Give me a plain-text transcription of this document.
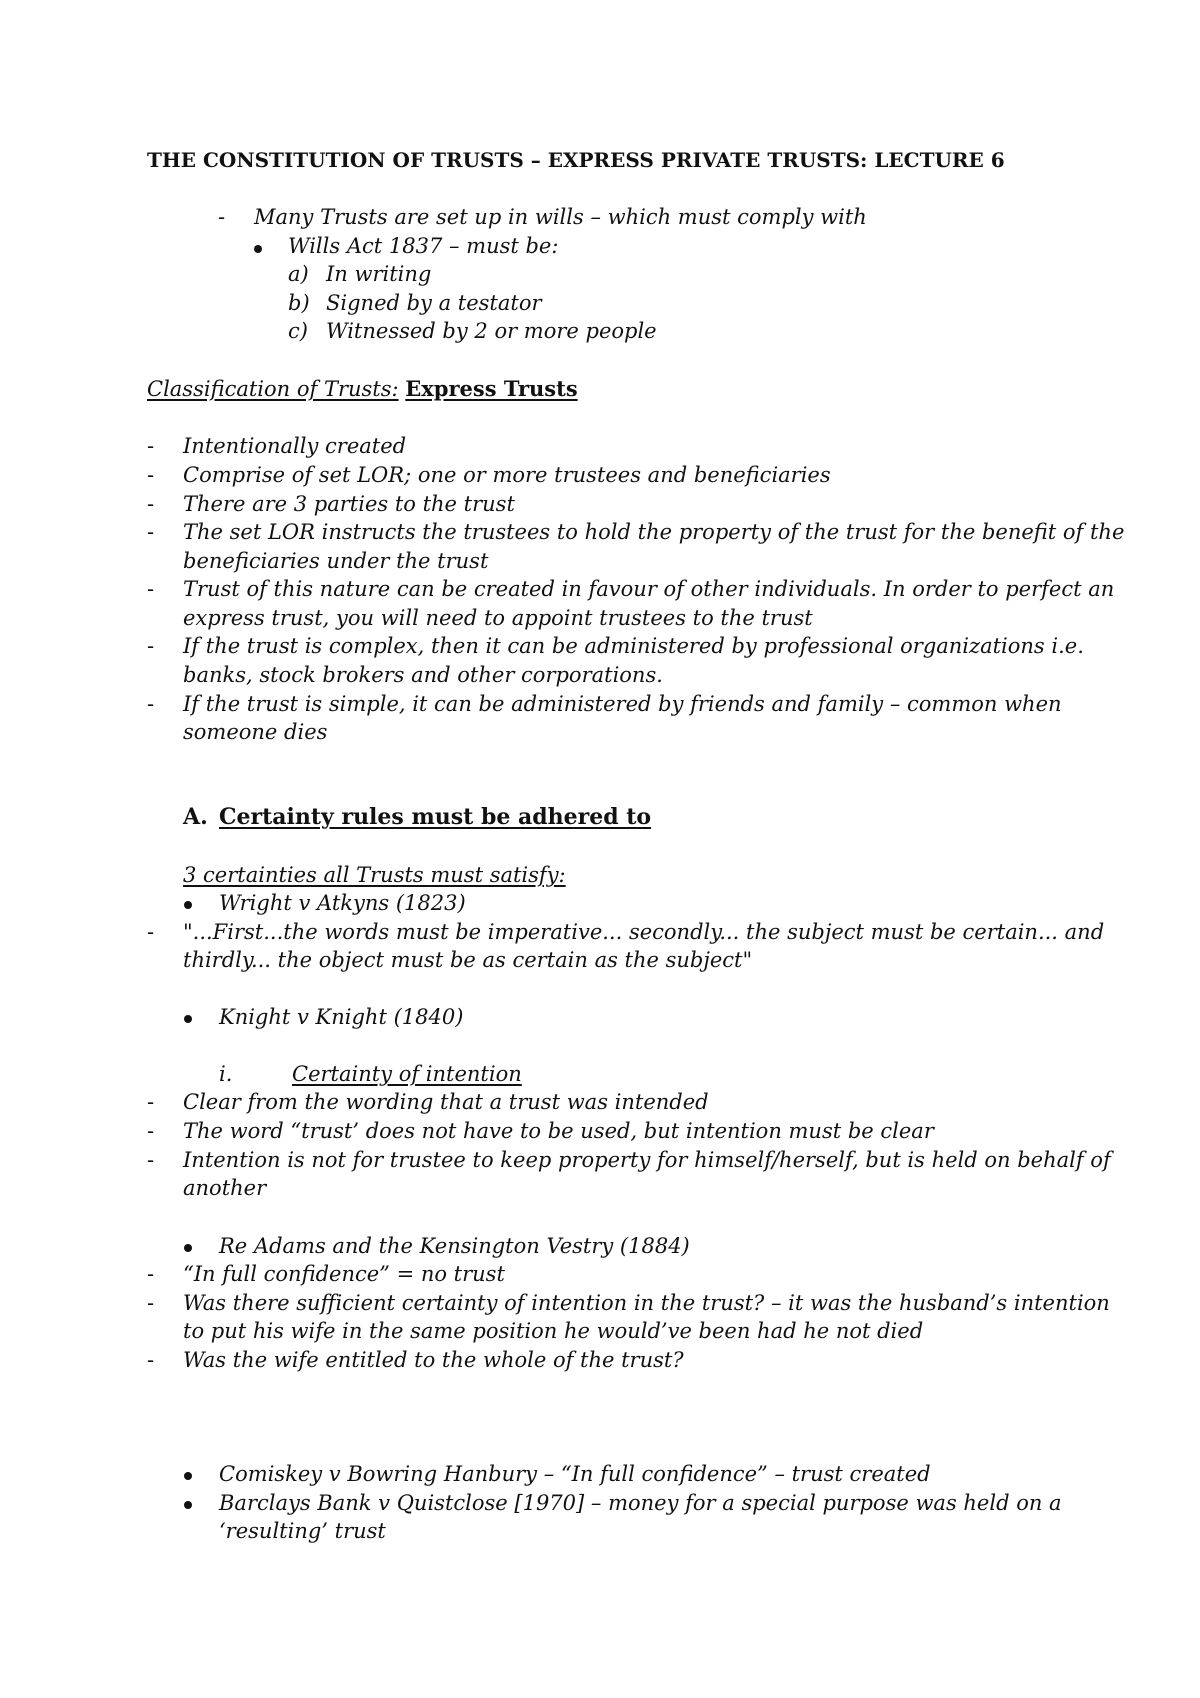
THE CONSTITUTION OF TRUSTS – EXPRESS PRIVATE TRUSTS: LECTURE 6
- Many Trusts are set up in wills – which must comply with
Wills Act 1837 – must be:
a) In writing
b) Signed by a testator
c) Witnessed by 2 or more people
Classification of Trusts: Express Trusts
- Intentionally created
- Comprise of set LOR; one or more trustees and beneficiaries
- There are 3 parties to the trust
- The set LOR instructs the trustees to hold the property of the trust for the benefit of the
beneficiaries under the trust
- Trust of this nature can be created in favour of other individuals. In order to perfect an
express trust, you will need to appoint trustees to the trust
- If the trust is complex, then it can be administered by professional organizations i.e.
banks, stock brokers and other corporations.
- If the trust is simple, it can be administered by friends and family – common when
someone dies
A. Certainty rules must be adhered to
3 certainties all Trusts must satisfy:
Wright v Atkyns (1823)
- "...First...the words must be imperative... secondly... the subject must be certain... and
thirdly... the object must be as certain as the subject"
Knight v Knight (1840)
i.	Certainty of intention
- Clear from the wording that a trust was intended
- The word “trust’ does not have to be used, but intention must be clear
- Intention is not for trustee to keep property for himself/herself, but is held on behalf of
another
Re Adams and the Kensington Vestry (1884)
- “In full confidence” = no trust
- Was there sufficient certainty of intention in the trust? – it was the husband’s intention
to put his wife in the same position he would’ve been had he not died
- Was the wife entitled to the whole of the trust?
Comiskey v Bowring Hanbury – “In full confidence” – trust created
Barclays Bank v Quistclose [1970] – money for a special purpose was held on a
‘resulting’ trust
